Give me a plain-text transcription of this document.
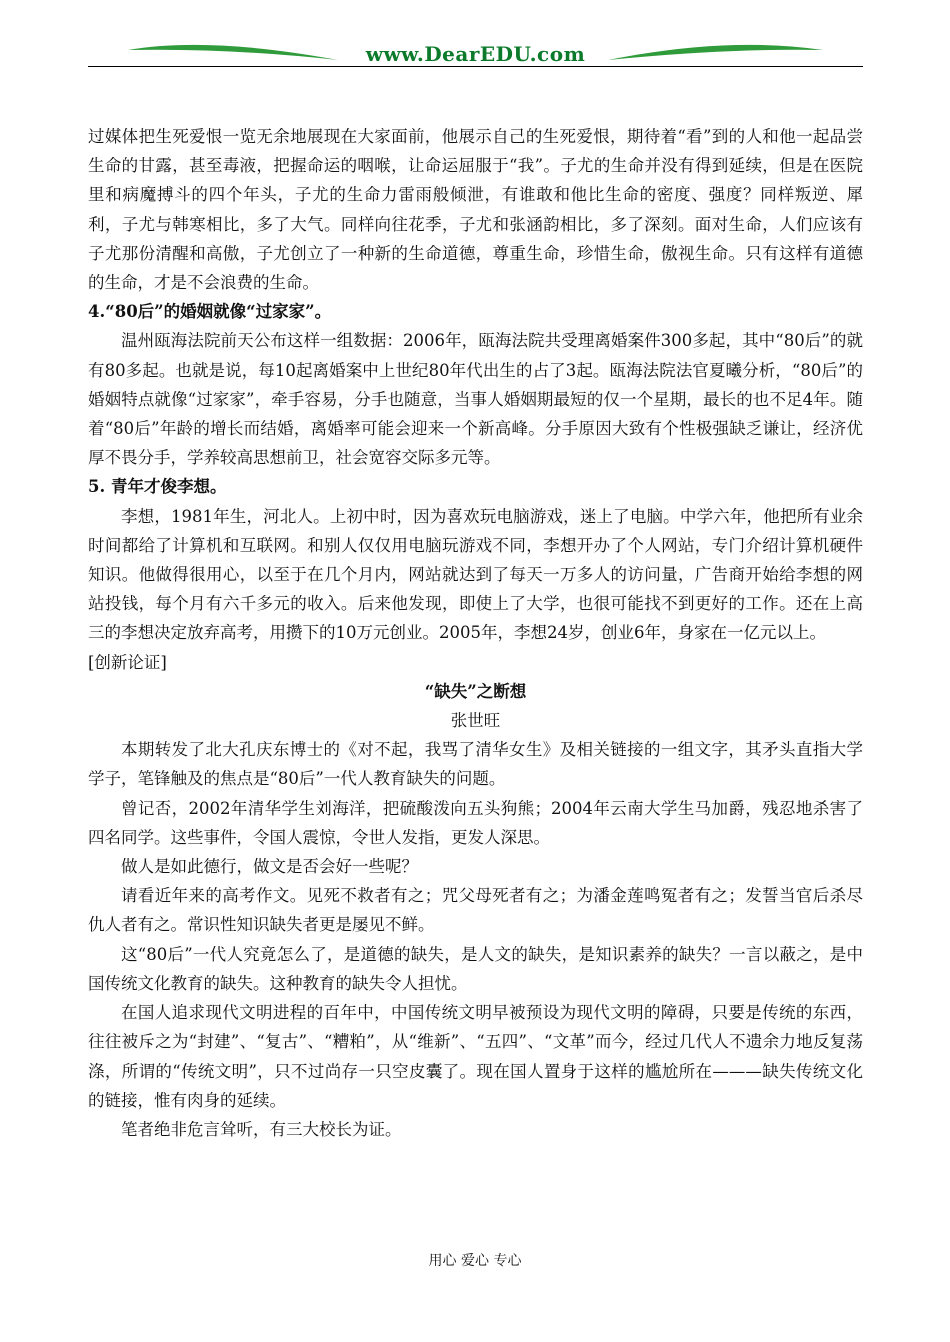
www.DearEDU.com

过媒体把生死爱恨一览无余地展现在大家面前，他展示自己的生死爱恨，期待着“看”到的人和他一起品尝生命的甘露，甚至毒液，把握命运的咽喉，让命运屈服于“我”。子尤的生命并没有得到延续，但是在医院里和病魔搏斗的四个年头，子尤的生命力雷雨般倾泄，有谁敢和他比生命的密度、强度？同样叛逆、犀利，子尤与韩寒相比，多了大气。同样向往花季，子尤和张涵韵相比，多了深刻。面对生命，人们应该有子尤那份清醒和高傲，子尤创立了一种新的生命道德，尊重生命，珍惜生命，傲视生命。只有这样有道德的生命，才是不会浪费的生命。

4.“80后”的婚姻就像“过家家”。

温州瓯海法院前天公布这样一组数据：2006年，瓯海法院共受理离婚案件300多起，其中“80后”的就有80多起。也就是说，每10起离婚案中上世纪80年代出生的占了3起。瓯海法院法官夏曦分析，“80后”的婚姻特点就像“过家家”，牵手容易，分手也随意，当事人婚姻期最短的仅一个星期，最长的也不足4年。随着“80后”年龄的增长而结婚，离婚率可能会迎来一个新高峰。分手原因大致有个性极强缺乏谦让，经济优厚不畏分手，学养较高思想前卫，社会宽容交际多元等。

5. 青年才俊李想。

李想，1981年生，河北人。上初中时，因为喜欢玩电脑游戏，迷上了电脑。中学六年，他把所有业余时间都给了计算机和互联网。和别人仅仅用电脑玩游戏不同，李想开办了个人网站，专门介绍计算机硬件知识。他做得很用心，以至于在几个月内，网站就达到了每天一万多人的访问量，广告商开始给李想的网站投钱，每个月有六千多元的收入。后来他发现，即使上了大学，也很可能找不到更好的工作。还在上高三的李想决定放弃高考，用攒下的10万元创业。2005年，李想24岁，创业6年，身家在一亿元以上。

[创新论证]

“缺失”之断想

张世旺

本期转发了北大孔庆东博士的《对不起，我骂了清华女生》及相关链接的一组文字，其矛头直指大学学子，笔锋触及的焦点是“80后”一代人教育缺失的问题。

曾记否，2002年清华学生刘海洋，把硫酸泼向五头狗熊；2004年云南大学生马加爵，残忍地杀害了四名同学。这些事件，令国人震惊，令世人发指，更发人深思。

做人是如此德行，做文是否会好一些呢？

请看近年来的高考作文。见死不救者有之；咒父母死者有之；为潘金莲鸣冤者有之；发誓当官后杀尽仇人者有之。常识性知识缺失者更是屡见不鲜。

这“80后”一代人究竟怎么了，是道德的缺失，是人文的缺失，是知识素养的缺失？一言以蔽之，是中国传统文化教育的缺失。这种教育的缺失令人担忧。

在国人追求现代文明进程的百年中，中国传统文明早被预设为现代文明的障碍，只要是传统的东西，往往被斥之为“封建”、“复古”、“糟粕”，从“维新”、“五四”、“文革”而今，经过几代人不遗余力地反复荡涤，所谓的“传统文明”，只不过尚存一只空皮囊了。现在国人置身于这样的尴尬所在———缺失传统文化的链接，惟有肉身的延续。

笔者绝非危言耸听，有三大校长为证。

用心 爱心 专心
